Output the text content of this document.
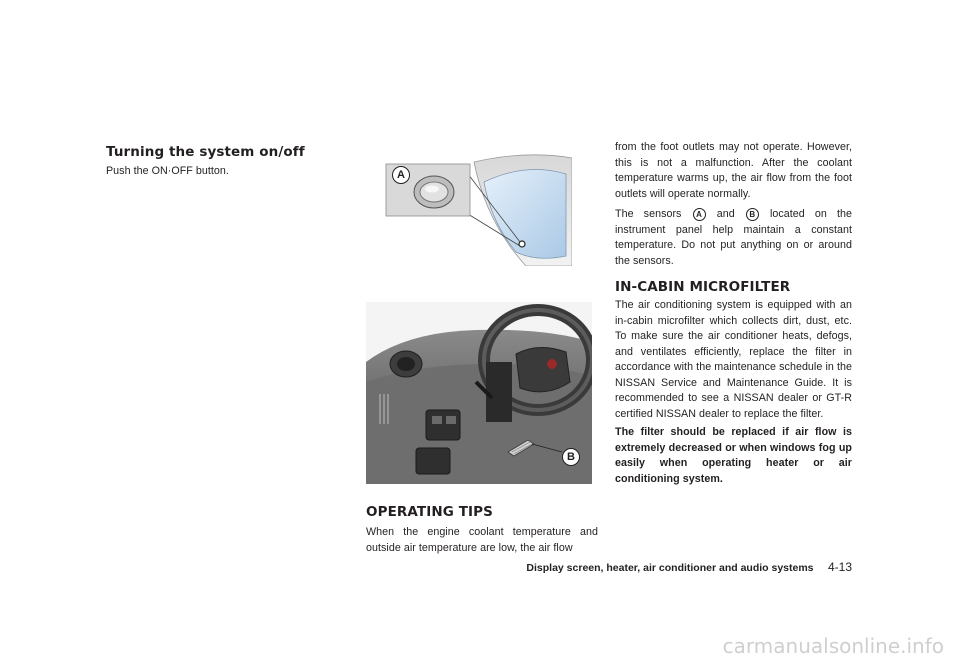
Turning the system on/off

Push the ON·OFF button.	A
B
OPERATING TIPS

When the engine coolant temperature and outside air temperature are low, the air flow

from the foot outlets may not operate. However, this is not a malfunction. After the coolant temperature warms up, the air flow from the foot outlets will operate normally.

The sensors A and B located on the instrument panel help maintain a constant temperature. Do not put anything on or around the sensors.

IN-CABIN MICROFILTER

The air conditioning system is equipped with an in-cabin microfilter which collects dirt, dust, etc. To make sure the air conditioner heats, defogs, and ventilates efficiently, replace the filter in accordance with the maintenance schedule in the NISSAN Service and Maintenance Guide. It is recommended to see a NISSAN dealer or GT-R certified NISSAN dealer to replace the filter.

The filter should be replaced if air flow is extremely decreased or when windows fog up easily when operating heater or air conditioning system.

Display screen, heater, air conditioner and audio systems 4-13
carmanualsonline.info
